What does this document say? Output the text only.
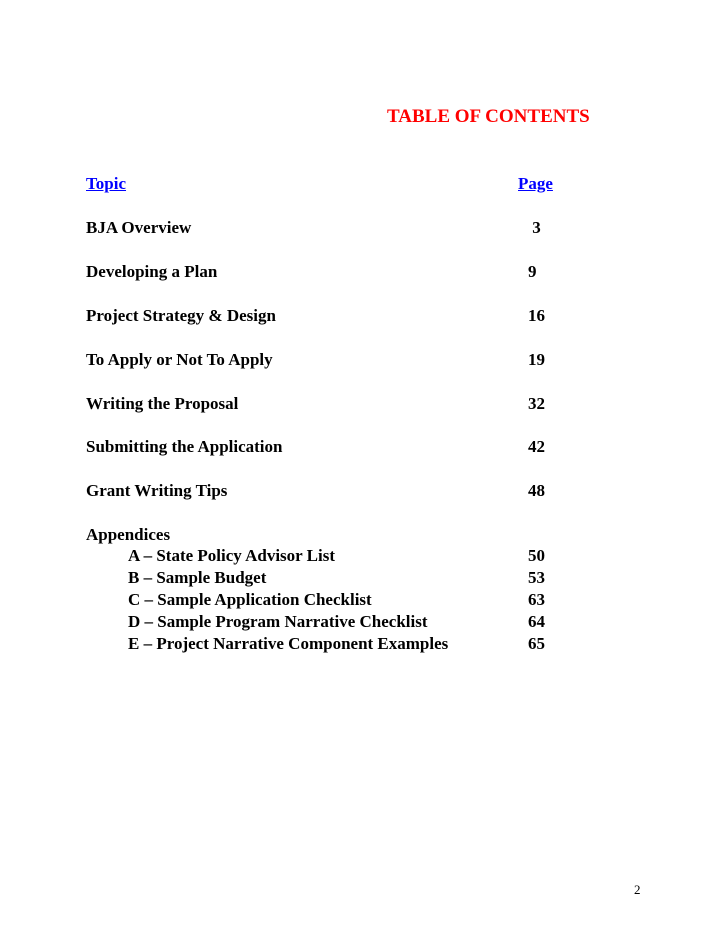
TABLE OF CONTENTS
Topic	Page
BJA Overview	3
Developing a Plan	9
Project Strategy & Design	16
To Apply or Not To Apply	19
Writing the Proposal	32
Submitting the Application	42
Grant Writing Tips	48
Appendices
A – State Policy Advisor List	50
B – Sample Budget	53
C – Sample Application Checklist	63
D – Sample Program Narrative Checklist	64
E – Project Narrative Component Examples	65
2
